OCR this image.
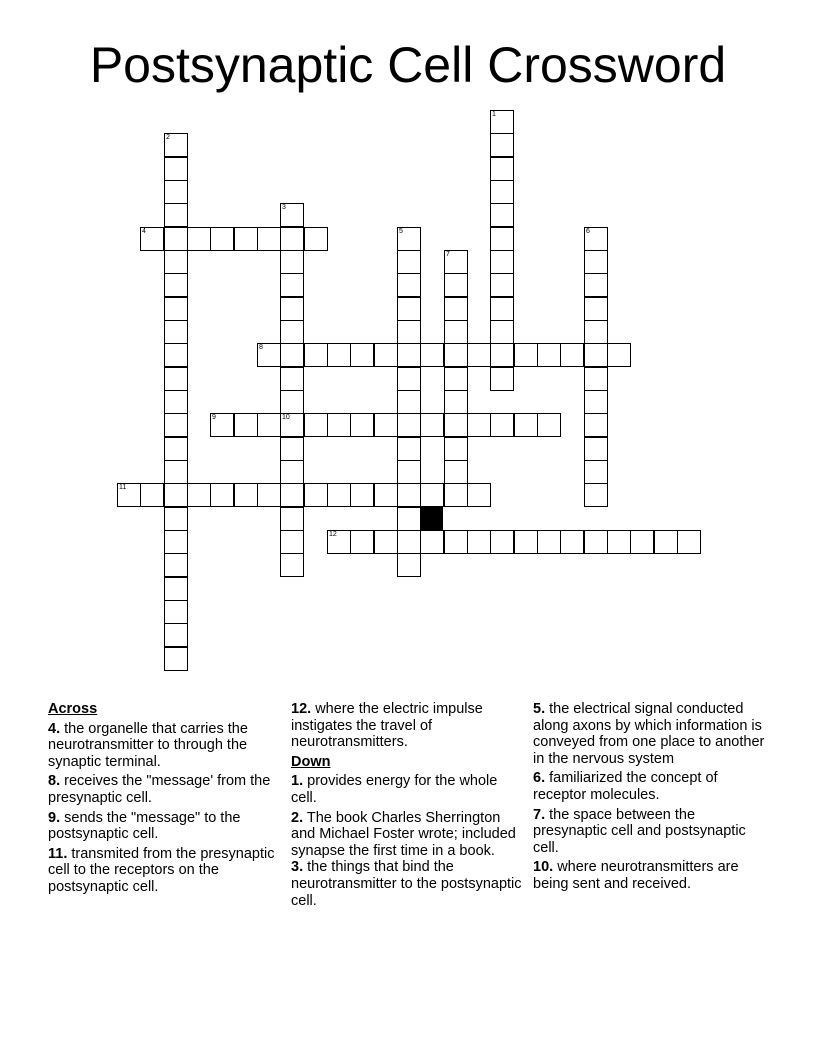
Postsynaptic Cell Crossword
1
2
3
10
4	5	6
7
8
9
11
12
Across

4. the organelle that carries the neurotransmitter to through the synaptic terminal.

8. receives the "message' from the presynaptic cell.

9. sends the "message" to the postsynaptic cell.

11. transmited from the presynaptic cell to the receptors on the postsynaptic cell.

12. where the electric impulse instigates the travel of neurotransmitters.

Down

1. provides energy for the whole cell.

2. The book Charles Sherrington and Michael Foster wrote; included synapse the first time in a book.

3. the things that bind the neurotransmitter to the postsynaptic cell.

5. the electrical signal conducted along axons by which information is conveyed from one place to another in the nervous system

6. familiarized the concept of receptor molecules.

7. the space between the presynaptic cell and postsynaptic cell.

10. where neurotransmitters are being sent and received.
